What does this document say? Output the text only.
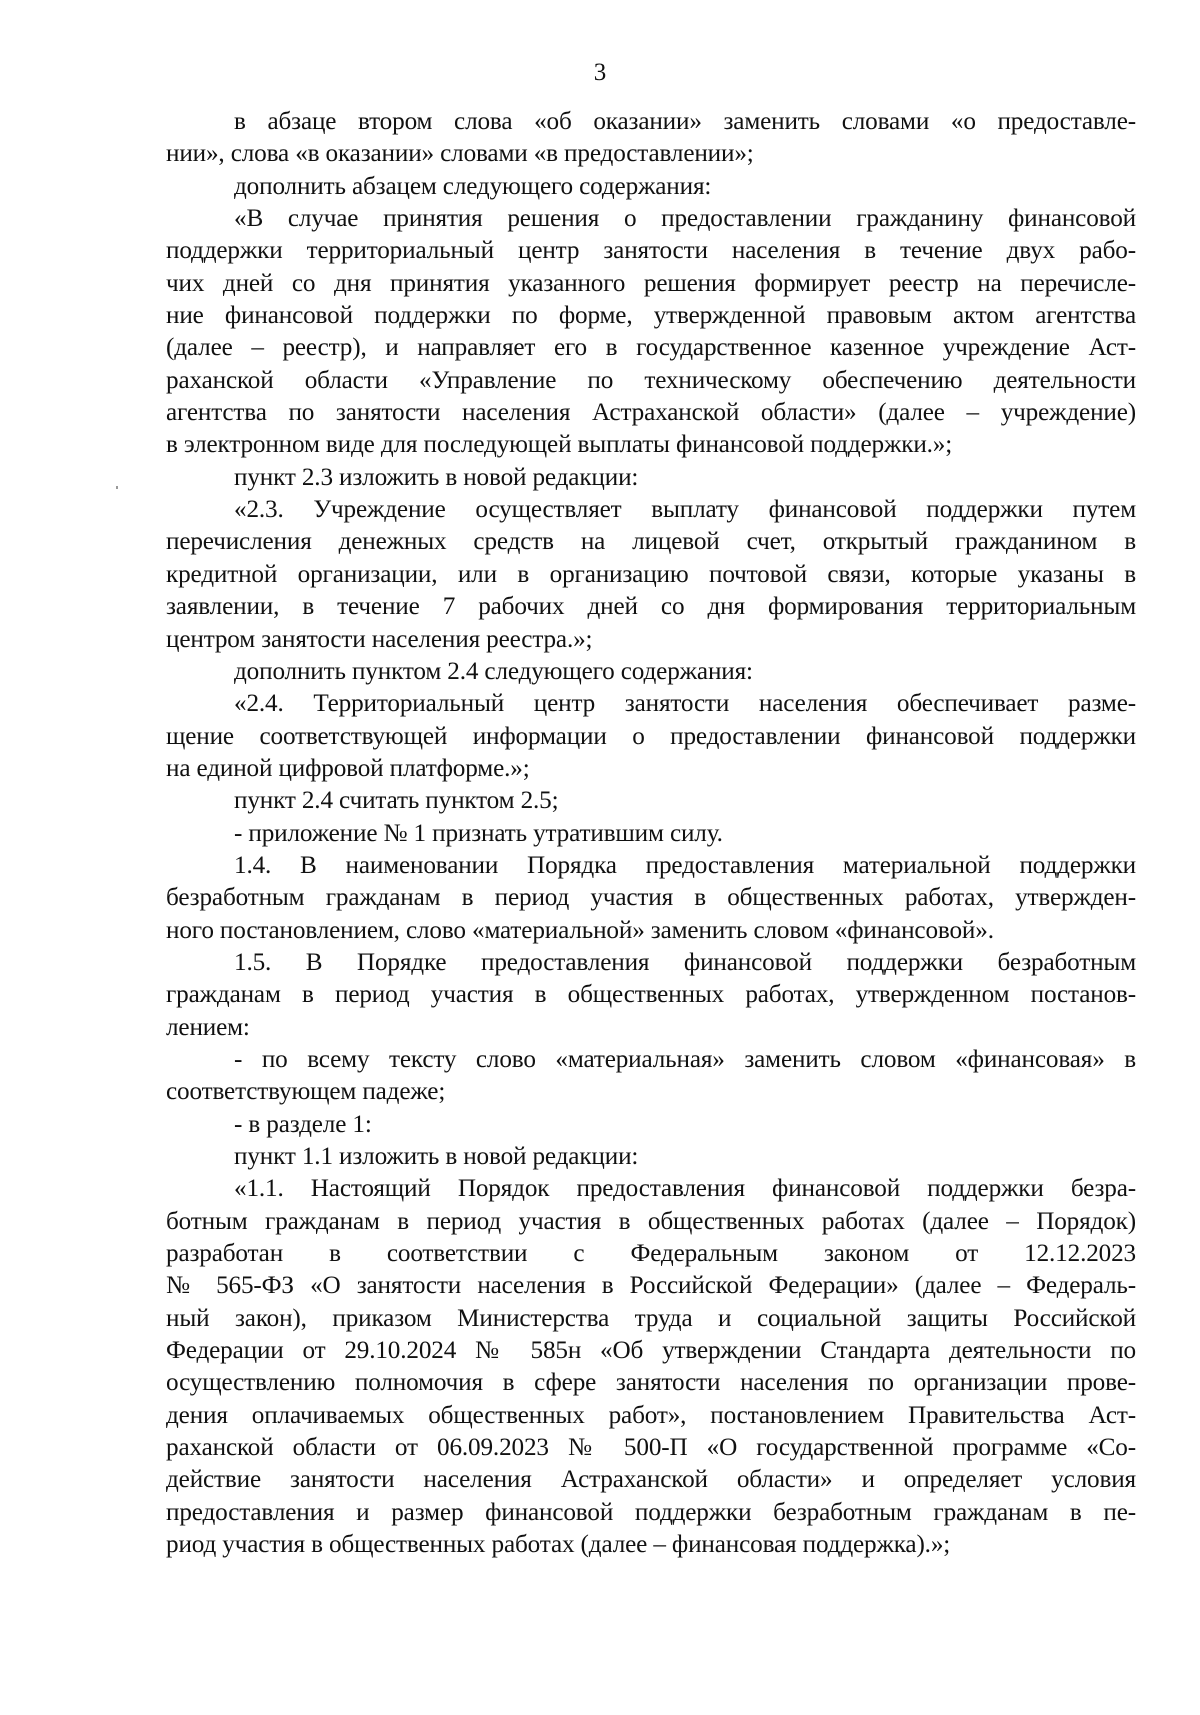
3
в абзаце втором слова «об оказании» заменить словами «о предоставле-
нии», слова «в оказании» словами «в предоставлении»;
дополнить абзацем следующего содержания:
«В случае принятия решения о предоставлении гражданину финансовой
поддержки территориальный центр занятости населения в течение двух рабо-
чих дней со дня принятия указанного решения формирует реестр на перечисле-
ние финансовой поддержки по форме, утвержденной правовым актом агентства
(далее – реестр), и направляет его в государственное казенное учреждение Аст-
раханской области «Управление по техническому обеспечению деятельности
агентства по занятости населения Астраханской области» (далее – учреждение)
в электронном виде для последующей выплаты финансовой поддержки.»;
пункт 2.3 изложить в новой редакции:
«2.3. Учреждение осуществляет выплату финансовой поддержки путем
перечисления денежных средств на лицевой счет, открытый гражданином в
кредитной организации, или в организацию почтовой связи, которые указаны в
заявлении, в течение 7 рабочих дней со дня формирования территориальным
центром занятости населения реестра.»;
дополнить пунктом 2.4 следующего содержания:
«2.4. Территориальный центр занятости населения обеспечивает разме-
щение соответствующей информации о предоставлении финансовой поддержки
на единой цифровой платформе.»;
пункт 2.4 считать пунктом 2.5;
- приложение № 1 признать утратившим силу.
1.4. В наименовании Порядка предоставления материальной поддержки
безработным гражданам в период участия в общественных работах, утвержден-
ного постановлением, слово «материальной» заменить словом «финансовой».
1.5. В Порядке предоставления финансовой поддержки безработным
гражданам в период участия в общественных работах, утвержденном постанов-
лением:
- по всему тексту слово «материальная» заменить словом «финансовая» в
соответствующем падеже;
- в разделе 1:
пункт 1.1 изложить в новой редакции:
«1.1. Настоящий Порядок предоставления финансовой поддержки безра-
ботным гражданам в период участия в общественных работах (далее – Порядок)
разработан в соответствии с Федеральным законом от 12.12.2023
№ 565-ФЗ «О занятости населения в Российской Федерации» (далее – Федераль-
ный закон), приказом Министерства труда и социальной защиты Российской
Федерации от 29.10.2024 № 585н «Об утверждении Стандарта деятельности по
осуществлению полномочия в сфере занятости населения по организации прове-
дения оплачиваемых общественных работ», постановлением Правительства Аст-
раханской области от 06.09.2023 № 500-П «О государственной программе «Со-
действие занятости населения Астраханской области» и определяет условия
предоставления и размер финансовой поддержки безработным гражданам в пе-
риод участия в общественных работах (далее – финансовая поддержка).»;
